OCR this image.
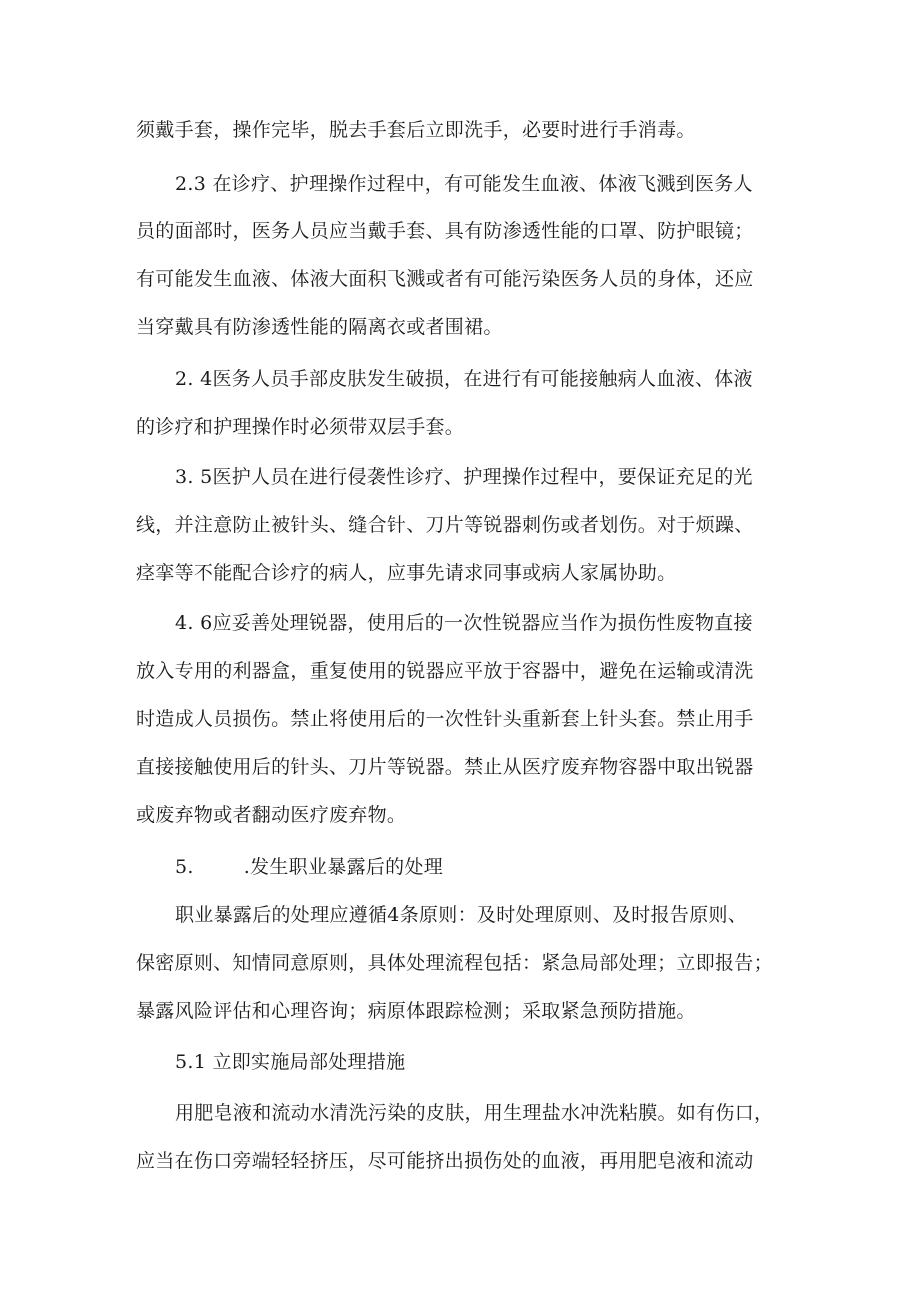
须戴手套，操作完毕，脱去手套后立即洗手，必要时进行手消毒。
2.3 在诊疗、护理操作过程中，有可能发生血液、体液飞溅到医务人
员的面部时，医务人员应当戴手套、具有防渗透性能的口罩、防护眼镜；
有可能发生血液、体液大面积飞溅或者有可能污染医务人员的身体，还应
当穿戴具有防渗透性能的隔离衣或者围裙。
2. 4医务人员手部皮肤发生破损，在进行有可能接触病人血液、体液
的诊疗和护理操作时必须带双层手套。
3. 5医护人员在进行侵袭性诊疗、护理操作过程中，要保证充足的光
线，并注意防止被针头、缝合针、刀片等锐器刺伤或者划伤。对于烦躁、
痉挛等不能配合诊疗的病人，应事先请求同事或病人家属协助。
4. 6应妥善处理锐器，使用后的一次性锐器应当作为损伤性废物直接
放入专用的利器盒，重复使用的锐器应平放于容器中，避免在运输或清洗
时造成人员损伤。禁止将使用后的一次性针头重新套上针头套。禁止用手
直接接触使用后的针头、刀片等锐器。禁止从医疗废弃物容器中取出锐器
或废弃物或者翻动医疗废弃物。
5.	.发生职业暴露后的处理
职业暴露后的处理应遵循4条原则：及时处理原则、及时报告原则、
保密原则、知情同意原则，具体处理流程包括：紧急局部处理；立即报告；
暴露风险评估和心理咨询；病原体跟踪检测；采取紧急预防措施。
5.1 立即实施局部处理措施
用肥皂液和流动水清洗污染的皮肤，用生理盐水冲洗粘膜。如有伤口，
应当在伤口旁端轻轻挤压，尽可能挤出损伤处的血液，再用肥皂液和流动
